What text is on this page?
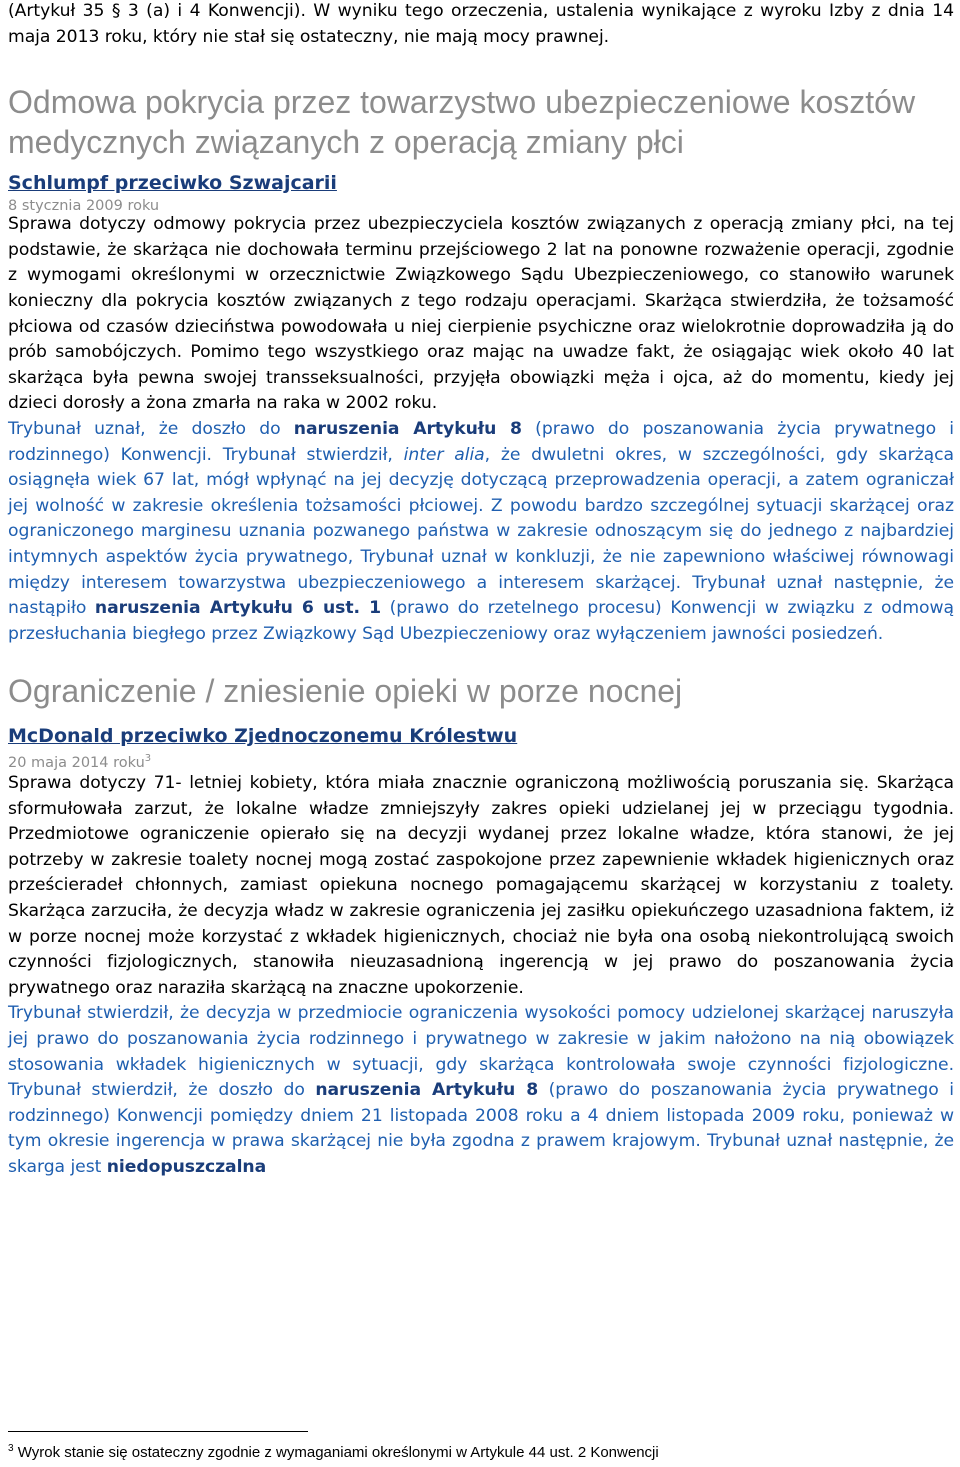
(Artykuł 35 § 3 (a) i 4 Konwencji). W wyniku tego orzeczenia, ustalenia wynikające z wyroku Izby z dnia 14 maja 2013 roku, który nie stał się ostateczny, nie mają mocy prawnej.

Odmowa pokrycia przez towarzystwo ubezpieczeniowe kosztów medycznych związanych z operacją zmiany płci
Schlumpf przeciwko Szwajcarii
8 stycznia 2009 roku

Sprawa dotyczy odmowy pokrycia przez ubezpieczyciela kosztów związanych z operacją zmiany płci, na tej podstawie, że skarżąca nie dochowała terminu przejściowego 2 lat na ponowne rozważenie operacji, zgodnie z wymogami określonymi w orzecznictwie Związkowego Sądu Ubezpieczeniowego, co stanowiło warunek konieczny dla pokrycia kosztów związanych z tego rodzaju operacjami. Skarżąca stwierdziła, że tożsamość płciowa od czasów dzieciństwa powodowała u niej cierpienie psychiczne oraz wielokrotnie doprowadziła ją do prób samobójczych. Pomimo tego wszystkiego oraz mając na uwadze fakt, że osiągając wiek około 40 lat skarżąca była pewna swojej transseksualności, przyjęła obowiązki męża i ojca, aż do momentu, kiedy jej dzieci dorosły a żona zmarła na raka w 2002 roku.

Trybunał uznał, że doszło do naruszenia Artykułu 8 (prawo do poszanowania życia prywatnego i rodzinnego) Konwencji. Trybunał stwierdził, inter alia, że dwuletni okres, w szczególności, gdy skarżąca osiągnęła wiek 67 lat, mógł wpłynąć na jej decyzję dotyczącą przeprowadzenia operacji, a zatem ograniczał jej wolność w zakresie określenia tożsamości płciowej. Z powodu bardzo szczególnej sytuacji skarżącej oraz ograniczonego marginesu uznania pozwanego państwa w zakresie odnoszącym się do jednego z najbardziej intymnych aspektów życia prywatnego, Trybunał uznał w konkluzji, że nie zapewniono właściwej równowagi między interesem towarzystwa ubezpieczeniowego a interesem skarżącej. Trybunał uznał następnie, że nastąpiło naruszenia Artykułu 6 ust. 1 (prawo do rzetelnego procesu) Konwencji w związku z odmową przesłuchania biegłego przez Związkowy Sąd Ubezpieczeniowy oraz wyłączeniem jawności posiedzeń.

Ograniczenie / zniesienie opieki w porze nocnej
McDonald przeciwko Zjednoczonemu Królestwu
20 maja 2014 roku$^3$

Sprawa dotyczy 71- letniej kobiety, która miała znacznie ograniczoną możliwością poruszania się. Skarżąca sformułowała zarzut, że lokalne władze zmniejszyły zakres opieki udzielanej jej w przeciągu tygodnia. Przedmiotowe ograniczenie opierało się na decyzji wydanej przez lokalne władze, która stanowi, że jej potrzeby w zakresie toalety nocnej mogą zostać zaspokojone przez zapewnienie wkładek higienicznych oraz prześcieradeł chłonnych, zamiast opiekuna nocnego pomagającemu skarżącej w korzystaniu z toalety. Skarżąca zarzuciła, że decyzja władz w zakresie ograniczenia jej zasiłku opiekuńczego uzasadniona faktem, iż w porze nocnej może korzystać z wkładek higienicznych, chociaż nie była ona osobą niekontrolującą swoich czynności fizjologicznych, stanowiła nieuzasadnioną ingerencją w jej prawo do poszanowania życia prywatnego oraz naraziła skarżącą na znaczne upokorzenie.

Trybunał stwierdził, że decyzja w przedmiocie ograniczenia wysokości pomocy udzielonej skarżącej naruszyła jej prawo do poszanowania życia rodzinnego i prywatnego w zakresie w jakim nałożono na nią obowiązek stosowania wkładek higienicznych w sytuacji, gdy skarżąca kontrolowała swoje czynności fizjologiczne. Trybunał stwierdził, że doszło do naruszenia Artykułu 8 (prawo do poszanowania życia prywatnego i rodzinnego) Konwencji pomiędzy dniem 21 listopada 2008 roku a 4 dniem listopada 2009 roku, ponieważ w tym okresie ingerencja w prawa skarżącej nie była zgodna z prawem krajowym. Trybunał uznał następnie, że skarga jest niedopuszczalna

$^3$ Wyrok stanie się ostateczny zgodnie z wymaganiami określonymi w Artykule 44 ust. 2 Konwencji
